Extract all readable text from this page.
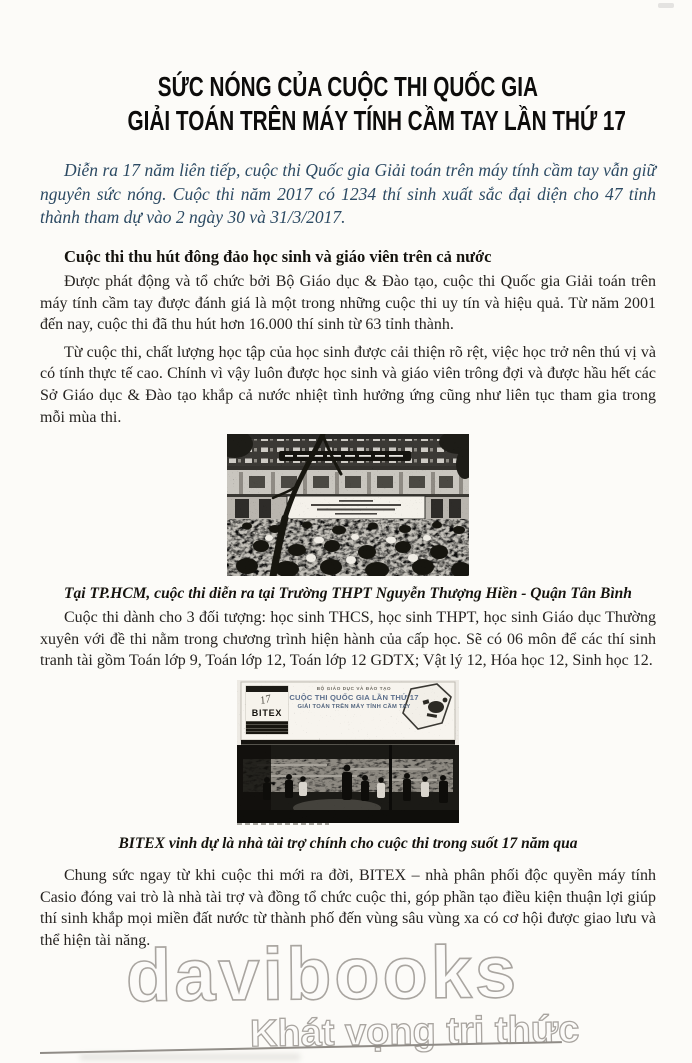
SỨC NÓNG CỦA CUỘC THI QUỐC GIA
GIẢI TOÁN TRÊN MÁY TÍNH CẦM TAY LẦN THỨ 17

Diễn ra 17 năm liên tiếp, cuộc thi Quốc gia Giải toán trên máy tính cầm tay vẫn giữ nguyên sức nóng. Cuộc thi năm 2017 có 1234 thí sinh xuất sắc đại diện cho 47 tỉnh thành tham dự vào 2 ngày 30 và 31/3/2017.

Cuộc thi thu hút đông đảo học sinh và giáo viên trên cả nước

Được phát động và tổ chức bởi Bộ Giáo dục & Đào tạo, cuộc thi Quốc gia Giải toán trên máy tính cầm tay được đánh giá là một trong những cuộc thi uy tín và hiệu quả. Từ năm 2001 đến nay, cuộc thi đã thu hút hơn 16.000 thí sinh từ 63 tỉnh thành.

Từ cuộc thi, chất lượng học tập của học sinh được cải thiện rõ rệt, việc học trở nên thú vị và có tính thực tế cao. Chính vì vậy luôn được học sinh và giáo viên trông đợi và được hầu hết các Sở Giáo dục & Đào tạo khắp cả nước nhiệt tình hưởng ứng cũng như liên tục tham gia trong mỗi mùa thi.

Tại TP.HCM, cuộc thi diễn ra tại Trường THPT Nguyễn Thượng Hiền - Quận Tân Bình

Cuộc thi dành cho 3 đối tượng: học sinh THCS, học sinh THPT, học sinh Giáo dục Thường xuyên với đề thi nằm trong chương trình hiện hành của cấp học. Sẽ có 06 môn để các thí sinh tranh tài gồm Toán lớp 9, Toán lớp 12, Toán lớp 12 GDTX; Vật lý 12, Hóa học 12, Sinh học 12.

17
BITEX
BỘ GIÁO DỤC VÀ ĐÀO TẠO
CUỘC THI QUỐC GIA LẦN THỨ 17
GIẢI TOÁN TRÊN MÁY TÍNH CẦM TAY
BITEX vinh dự là nhà tài trợ chính cho cuộc thi trong suốt 17 năm qua

Chung sức ngay từ khi cuộc thi mới ra đời, BITEX – nhà phân phối độc quyền máy tính Casio đóng vai trò là nhà tài trợ và đồng tổ chức cuộc thi, góp phần tạo điều kiện thuận lợi giúp thí sinh khắp mọi miền đất nước từ thành phố đến vùng sâu vùng xa có cơ hội được giao lưu và thể hiện tài năng.

davibooks
Khát vọng tri thức
